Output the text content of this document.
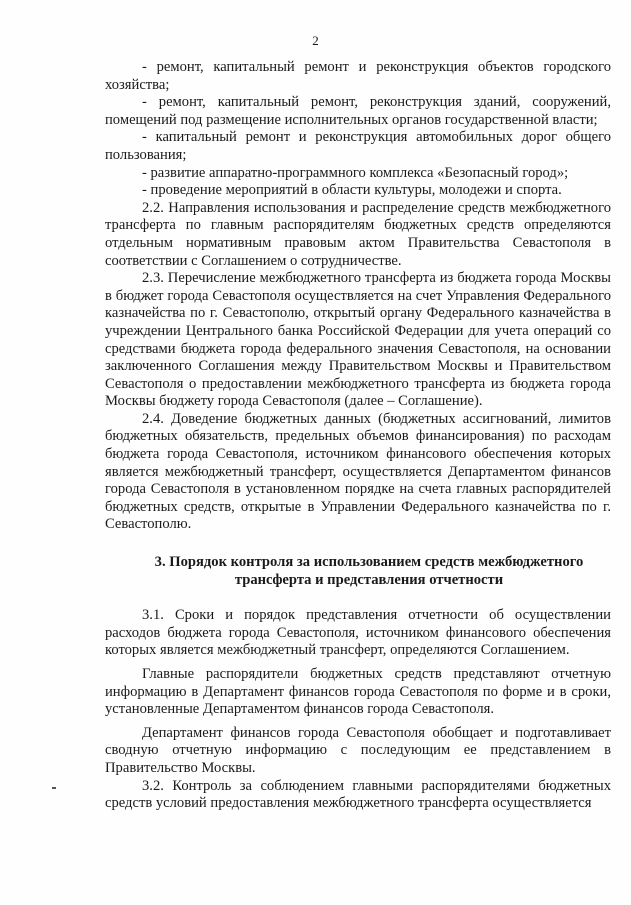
2

- ремонт, капитальный ремонт и реконструкция объектов городского хозяйства;

- ремонт, капитальный ремонт, реконструкция зданий, сооружений, помещений под размещение исполнительных органов государственной власти;

- капитальный ремонт и реконструкция автомобильных дорог общего пользования;

- развитие аппаратно-программного комплекса «Безопасный город»;

- проведение мероприятий в области культуры, молодежи и спорта.

2.2. Направления использования и распределение средств межбюджетного трансферта по главным распорядителям бюджетных средств определяются отдельным нормативным правовым актом Правительства Севастополя в соответствии с Соглашением о сотрудничестве.

2.3. Перечисление межбюджетного трансферта из бюджета города Москвы в бюджет города Севастополя осуществляется на счет Управления Федерального казначейства по г. Севастополю, открытый органу Федерального казначейства в учреждении Центрального банка Российской Федерации для учета операций со средствами бюджета города федерального значения Севастополя, на основании заключенного Соглашения между Правительством Москвы и Правительством Севастополя о предоставлении межбюджетного трансферта из бюджета города Москвы бюджету города Севастополя (далее – Соглашение).

2.4. Доведение бюджетных данных (бюджетных ассигнований, лимитов бюджетных обязательств, предельных объемов финансирования) по расходам бюджета города Севастополя, источником финансового обеспечения которых является межбюджетный трансферт, осуществляется Департаментом финансов города Севастополя в установленном порядке на счета главных распорядителей бюджетных средств, открытые в Управлении Федерального казначейства по г. Севастополю.

3. Порядок контроля за использованием средств межбюджетного трансферта и представления отчетности

3.1. Сроки и порядок представления отчетности об осуществлении расходов бюджета города Севастополя, источником финансового обеспечения которых является межбюджетный трансферт, определяются Соглашением.

Главные распорядители бюджетных средств представляют отчетную информацию в Департамент финансов города Севастополя по форме и в сроки, установленные Департаментом финансов города Севастополя.

Департамент финансов города Севастополя обобщает и подготавливает сводную отчетную информацию с последующим ее представлением в Правительство Москвы.

3.2. Контроль за соблюдением главными распорядителями бюджетных средств условий предоставления межбюджетного трансферта осуществляется
